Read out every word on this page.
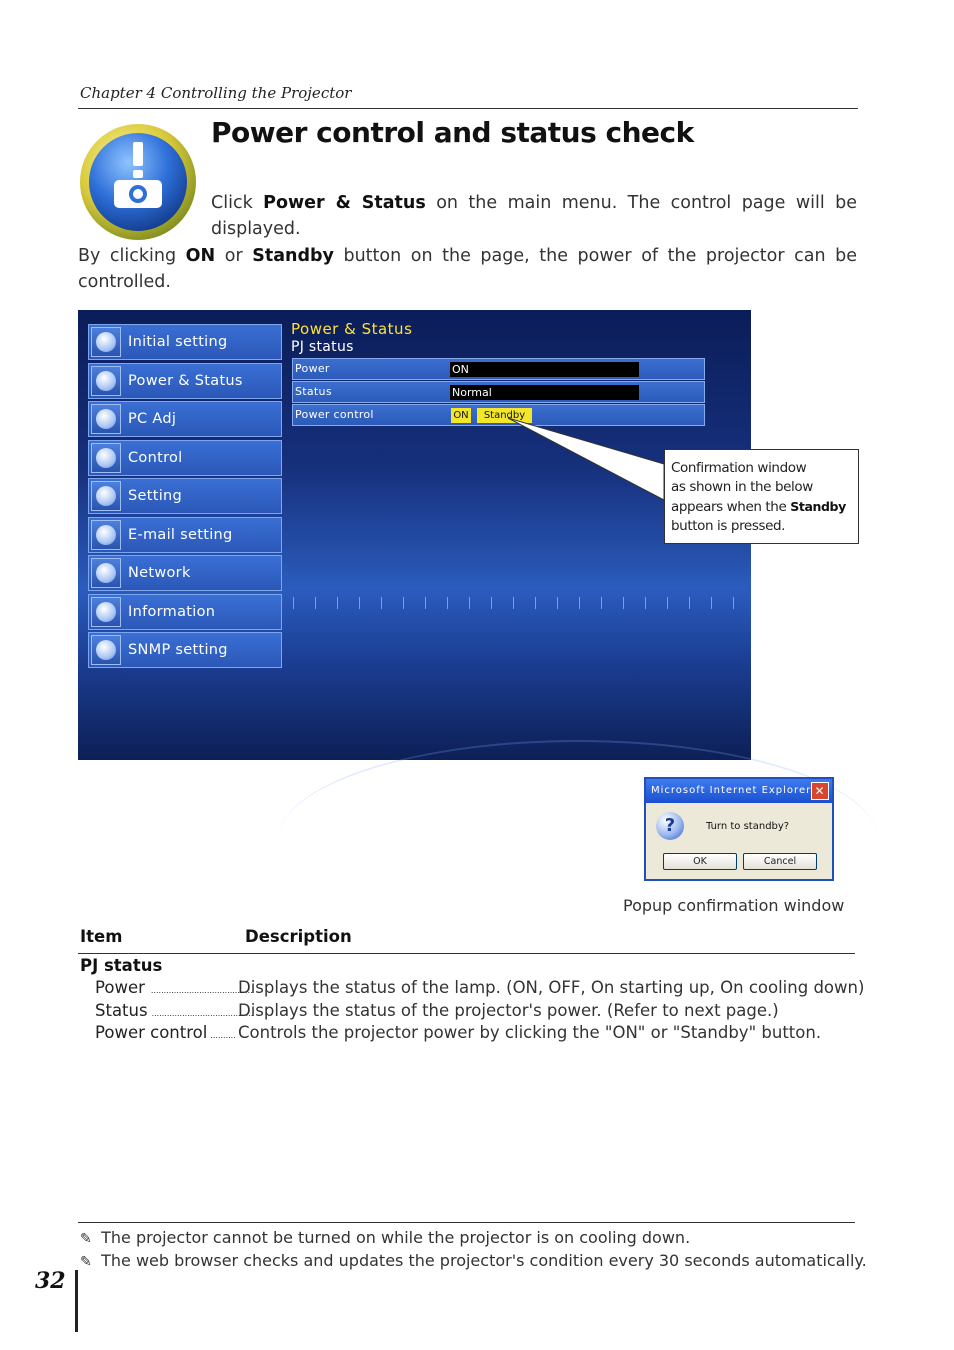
Chapter 4 Controlling the Projector
Power control and status check

Click Power & Status on the main menu. The control page will be displayed.

By clicking ON or Standby button on the page, the power of the projector can be controlled.

Initial setting
Power & Status
PC Adj
Control
Setting
E-mail setting
Network
Information
SNMP setting
Power & Status
PJ status
Power	ON
Status	Normal
Power control	ON	Standby
Confirmation window
as shown in the below
appears when the Standby
button is pressed.
Microsoft Internet Explorer ✕
?	Turn to standby?
OK	Cancel
Popup confirmation window
Item	Description
PJ status
Power ........................................
Displays the status of the lamp. (ON, OFF, On starting up, On cooling down)
Status ........................................
Displays the status of the projector's power. (Refer to next page.)
Power control .......... Controls the projector power by clicking the "ON" or "Standby" button.
✎ The projector cannot be turned on while the projector is on cooling down.
✎ The web browser checks and updates the projector's condition every 30 seconds automatically.
32
